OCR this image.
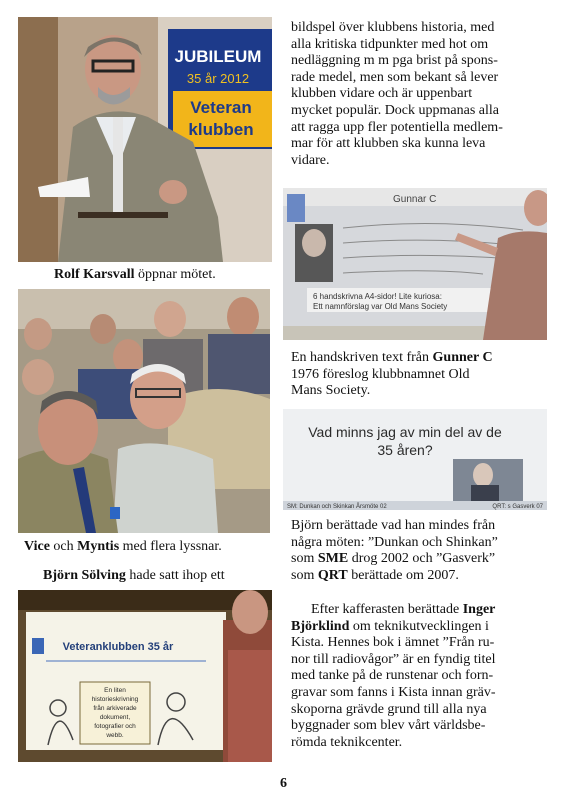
JUBILEUM
35 år 2012
Veteran
klubben
Rolf Karsvall öppnar mötet.
Vice och Myntis med flera lyssnar.
Björn Sölving hade satt ihop ett
Veteranklubben 35 år
En liten
historieskrivning
från arkiverade
dokument,
fotografier och
webb.

bildspel över klubbens historia, med

alla kritiska tidpunkter med hot om

nedläggning m m pga brist på spons-

rade medel, men som bekant så lever

klubben vidare och är uppenbart

mycket populär. Dock uppmanas alla

att ragga upp fler potentiella medlem-

mar för att klubben ska kunna leva

vidare.

Gunnar C
6 handskrivna A4-sidor! Lite kuriosa:
Ett namnförslag var Old Mans Society
En handskriven text från Gunner C
1976 föreslog klubbnamnet Old
Mans Society.
Vad minns jag av min del av de
35 åren?
SM: Dunkan och Skinkan Årsmöte 02	QRT: s Gasverk 07
Björn berättade vad han mindes från
några möten: ”Dunkan och Shinkan”
som SME drog 2002 och ”Gasverk”
som QRT berättade om 2007.
Efter kafferasten berättade Inger
Björklind om teknikutvecklingen i
Kista. Hennes bok i ämnet ”Från ru-
nor till radiovågor” är en fyndig titel
med tanke på de runstenar och forn-
gravar som fanns i Kista innan gräv-
skoporna grävde grund till alla nya
byggnader som blev vårt världsbe-
römda teknikcenter.
6
